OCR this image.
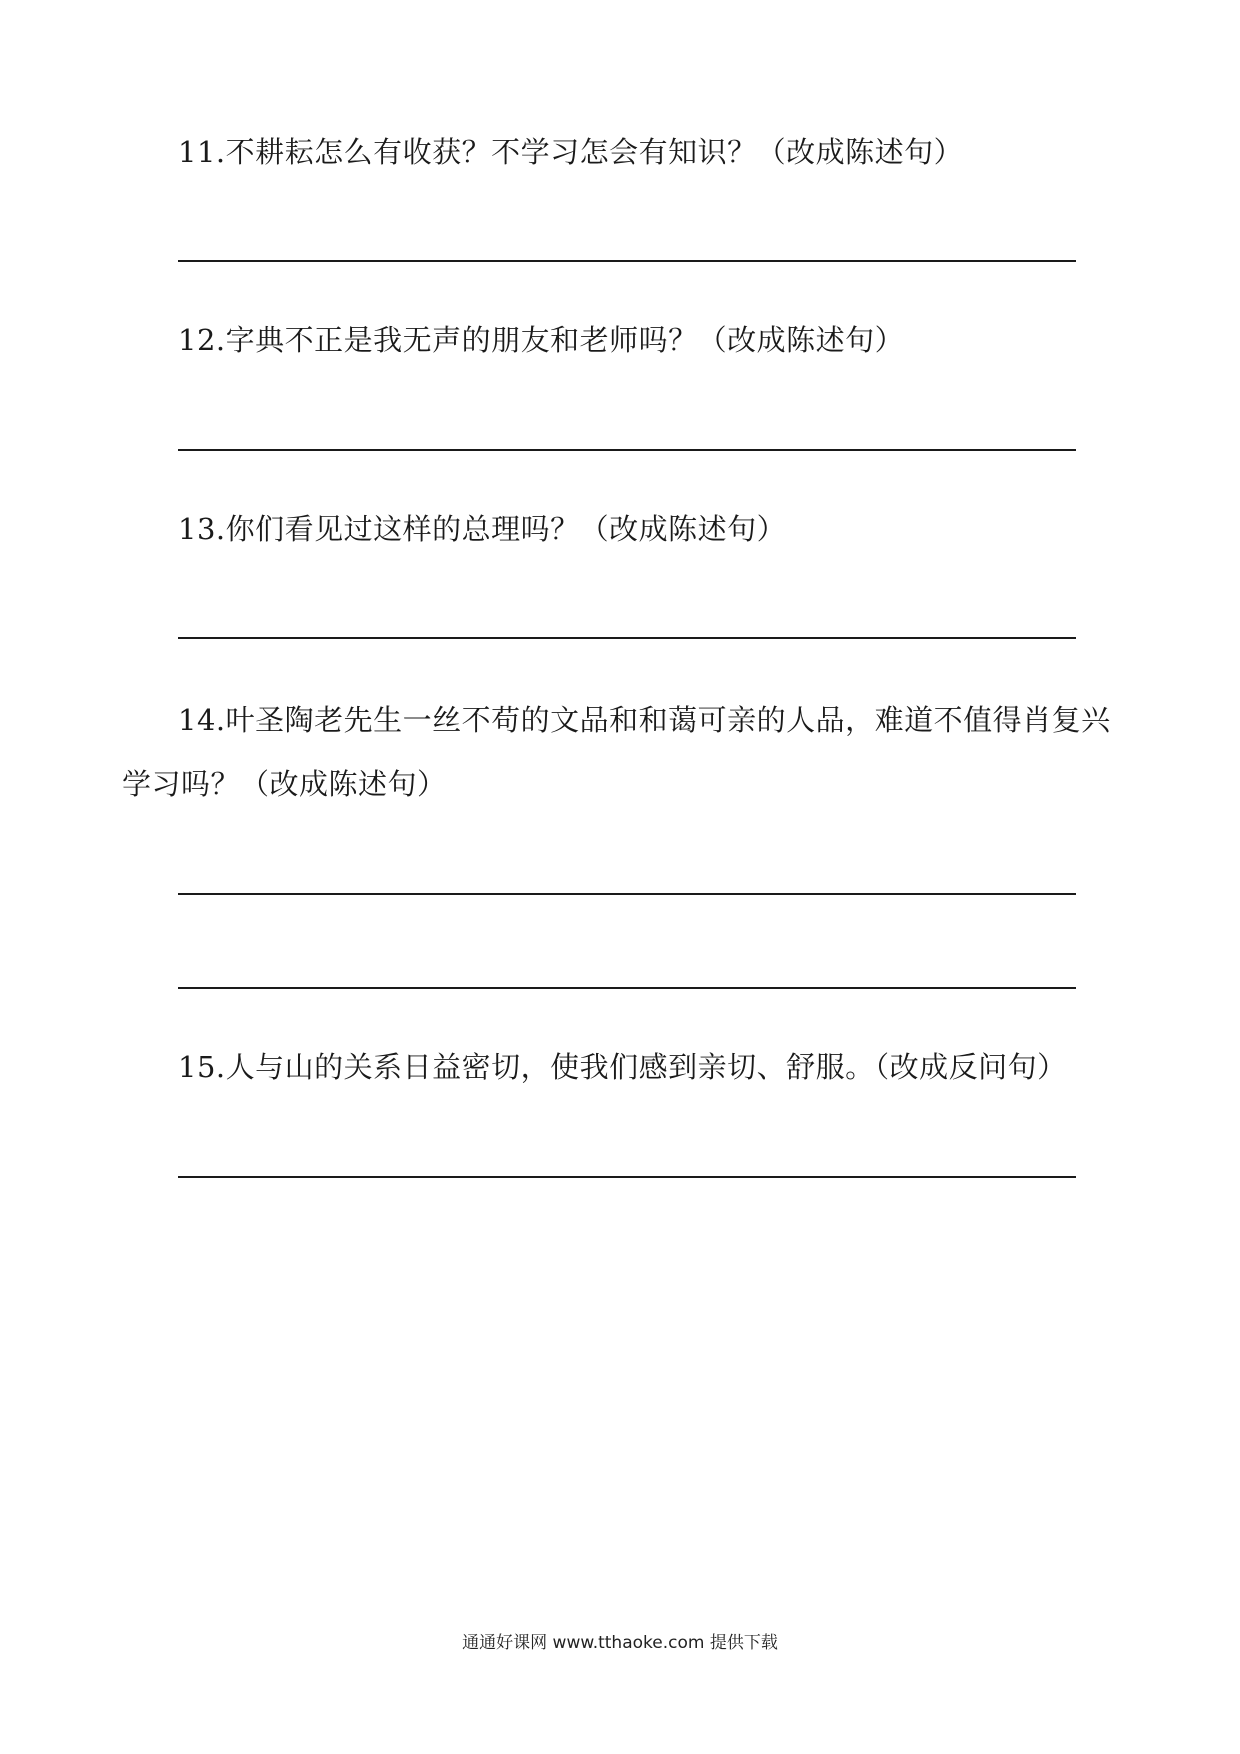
11.不耕耘怎么有收获？不学习怎会有知识？（改成陈述句）
12.字典不正是我无声的朋友和老师吗？（改成陈述句）
13.你们看见过这样的总理吗？（改成陈述句）
14.叶圣陶老先生一丝不苟的文品和和蔼可亲的人品，难道不值得肖复兴学习吗？（改成陈述句）
15.人与山的关系日益密切，使我们感到亲切、舒服。（改成反问句）
通通好课网 www.tthaoke.com 提供下载
